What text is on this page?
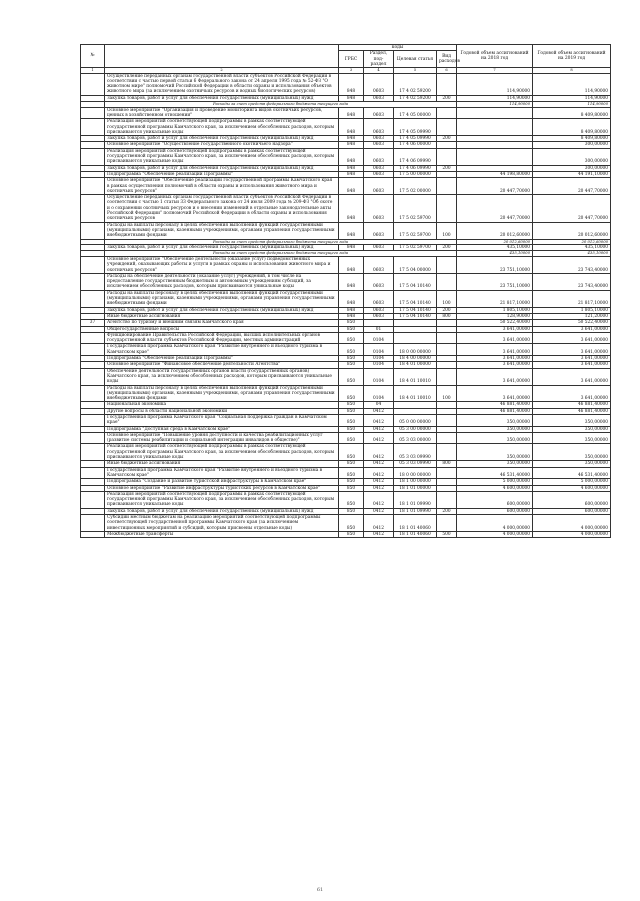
№		коды				Годовой объем ассигнований на 2018 год	Годовой объем ассигнований на 2019 год
		ГРБС	Раздел, под-
раздел	Целевая статья	Вид
расходов		
1	2	3	4	5	6	7	8
	Осуществление переданных органам государственной власти субъектов Российской Федерации в соответствии с частью первой статьи 6 Федерального закона от 24 апреля 1995 года № 52-ФЗ "О животном мире" полномочий Российской Федерации в области охраны и использования объектов животного мира (за исключением охотничьих ресурсов и водных биологических ресурсов)	848	0603	17 4 02 59200		114,90000	114,90000
	Закупка товаров, работ и услуг для обеспечения государственных (муниципальных) нужд	848	0603	17 4 02 59200	200	114,90000	114,90000
	Расходы за счет средств федерального бюджета текущего года					114,90000	114,90000
	Основное мероприятие "Организация и проведение мониторинга видов охотничьих ресурсов, ценных в хозяйственном отношении"	848	0603	17 4 05 00000			8 409,80000
	Реализация мероприятий соответствующей подпрограммы в рамках соответствующей государственной программы Камчатского края, за исключением обособленных расходов, которым присваиваются уникальные коды	848	0603	17 4 05 09990			8 409,80000
	Закупка товаров, работ и услуг для обеспечения государственных (муниципальных) нужд	848	0603	17 4 05 09990	200		8 409,80000
	Основное мероприятие "Осуществление государственного охотничьего надзора"	848	0603	17 4 06 00000			300,00000
	Реализация мероприятий соответствующей подпрограммы в рамках соответствующей государственной программы Камчатского края, за исключением обособленных расходов, которым присваиваются уникальные коды	848	0603	17 4 06 09990			300,00000
	Закупка товаров, работ и услуг для обеспечения государственных (муниципальных) нужд	848	0603	17 4 06 09990	200		300,00000
	Подпрограмма "Обеспечение реализации Программы"	848	0603	17 5 00 00000		44 198,80000	44 191,10000
	Основное мероприятие "Обеспечение реализации государственной программы Камчатского края в рамках осуществления полномочий в области охраны и использования животного мира и охотничьих ресурсов"	848	0603	17 5 02 00000		20 447,70000	20 447,70000
	Осуществление переданных органам государственной власти субъектов Российской Федерации в соответствии с частью 1 статьи 33 Федерального закона от 24 июля 2009 года № 209-ФЗ "Об охоте и о сохранении охотничьих ресурсов и о внесении изменений в отдельные законодательные акты Российской Федерации" полномочий Российской Федерации в области охраны и использования охотничьих ресурсов	848	0603	17 5 02 59700		20 447,70000	20 447,70000
	Расходы на выплаты персоналу в целях обеспечения выполнения функций государственными (муниципальными) органами, казенными учреждениями, органами управления государственными внебюджетными фондами	848	0603	17 5 02 59700	100	20 012,60000	20 012,60000
	Расходы за счет средств федерального бюджета текущего года					20 012,60000	20 012,60000
	Закупка товаров, работ и услуг для обеспечения государственных (муниципальных) нужд	848	0603	17 5 02 59700	200	435,10000	435,10000
	Расходы за счет средств федерального бюджета текущего года					435,10000	435,10000
	Основное мероприятие "Обеспечение деятельности (оказание услуг) подведомственных учреждений, оказывающих работы и услуги в рамках охраны и использования животного мира и охотничьих ресурсов"	848	0603	17 5 04 00000		23 751,10000	23 743,40000
	Расходы на обеспечение деятельности (оказание услуг) учреждений, в том числе на предоставление государственным бюджетным и автономным учреждениям субсидий, за исключением обособленных расходов, которым присваиваются уникальные коды	848	0603	17 5 04 10140		23 751,10000	23 743,40000
	Расходы на выплаты персоналу в целях обеспечения выполнения функций государственными (муниципальными) органами, казенными учреждениями, органами управления государственными внебюджетными фондами	848	0603	17 5 04 10140	100	21 817,10000	21 817,10000
	Закупка товаров, работ и услуг для обеспечения государственных (муниципальных) нужд	848	0603	17 5 04 10140	200	1 805,10000	1 805,10000
	Иные бюджетные ассигнования	848	0603	17 5 04 10140	800	128,90000	121,20000
37	Агентство по туризму и внешним связям Камчатского края	850				50 522,40000	50 522,40000
	Общегосударственные вопросы	850	01			3 641,00000	3 641,00000
	Функционирование Правительства Российской Федерации, высших исполнительных органов государственной власти субъектов Российской Федерации, местных администраций	850	0104			3 641,00000	3 641,00000
	Государственная программа Камчатского края "Развитие внутреннего и въездного туризма в Камчатском крае"	850	0104	18 0 00 00000		3 641,00000	3 641,00000
	Подпрограмма "Обеспечение реализации Программы"	850	0104	18 4 00 00000		3 641,00000	3 641,00000
	Основное мероприятие "Финансовое обеспечение деятельности Агентства"	850	0104	18 4 01 00000		3 641,00000	3 641,00000
	Обеспечение деятельности государственных органов власти (государственных органов) Камчатского края, за исключением обособленных расходов, которым присваиваются уникальные коды	850	0104	18 4 01 10010		3 641,00000	3 641,00000
	Расходы на выплаты персоналу в целях обеспечения выполнения функций государственными (муниципальными) органами, казенными учреждениями, органами управления государственными внебюджетными фондами	850	0104	18 4 01 10010	100	3 641,00000	3 641,00000
	Национальная экономика	850	04			46 881,40000	46 881,40000
	Другие вопросы в области национальной экономики	850	0412			46 881,40000	46 881,40000
	Государственная программа Камчатского края "Социальная поддержка граждан в Камчатском крае"	850	0412	05 0 00 00000		350,00000	350,00000
	Подпрограмма "Доступная среда в Камчатском крае"	850	0412	05 3 00 00000		350,00000	350,00000
	Основное мероприятие "Повышение уровня доступности и качества реабилитационных услуг (развитие системы реабилитации и социальной интеграции инвалидов в обществе)"	850	0412	05 3 03 00000		350,00000	350,00000
	Реализация мероприятий соответствующей подпрограммы в рамках соответствующей государственной программы Камчатского края, за исключением обособленных расходов, которым присваиваются уникальные коды	850	0412	05 3 03 09990		350,00000	350,00000
	Иные бюджетные ассигнования	850	0412	05 3 03 09990	800	350,00000	350,00000
	Государственная программа Камчатского края "Развитие внутреннего и въездного туризма в Камчатском крае"	850	0412	18 0 00 00000		46 531,40000	46 531,40000
	Подпрограмма "Создание и развитие туристской инфраструктуры в Камчатском крае"	850	0412	18 1 00 00000		5 000,00000	5 000,00000
	Основное мероприятие "Развитие инфраструктуры туристских ресурсов в Камчатском крае"	850	0412	18 1 01 00000		4 600,00000	4 600,00000
	Реализация мероприятий соответствующей подпрограммы в рамках соответствующей государственной программы Камчатского края, за исключением обособленных расходов, которым присваиваются уникальные коды	850	0412	18 1 01 09990		600,00000	600,00000
	Закупка товаров, работ и услуг для обеспечения государственных (муниципальных) нужд	850	0412	18 1 01 09990	200	600,00000	600,00000
	Субсидии местным бюджетам на реализацию мероприятий соответствующей подпрограммы соответствующей государственной программы Камчатского края (за исключением инвестиционных мероприятий и субсидий, которым присвоены отдельные коды)	850	0412	18 1 01 40060		4 000,00000	4 000,00000
	Межбюджетные трансферты	850	0412	18 1 01 40060	500	4 000,00000	4 000,00000
61
